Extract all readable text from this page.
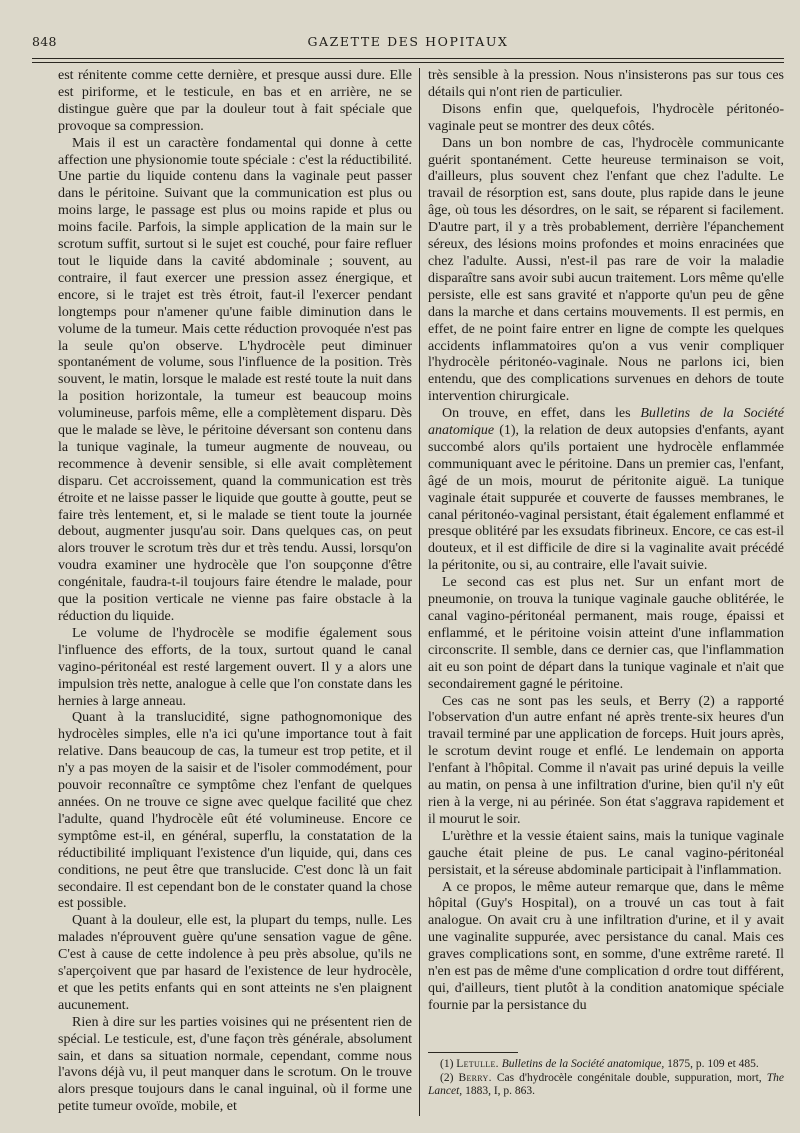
848	GAZETTE DES HOPITAUX

est rénitente comme cette dernière, et presque aussi dure. Elle est piriforme, et le testicule, en bas et en arrière, ne se distingue guère que par la douleur tout à fait spéciale que provoque sa compression.

Mais il est un caractère fondamental qui donne à cette affection une physionomie toute spéciale : c'est la réductibilité. Une partie du liquide contenu dans la vaginale peut passer dans le péritoine. Suivant que la communication est plus ou moins large, le passage est plus ou moins rapide et plus ou moins facile. Parfois, la simple application de la main sur le scrotum suffit, surtout si le sujet est couché, pour faire refluer tout le liquide dans la cavité abdominale ; souvent, au contraire, il faut exercer une pression assez énergique, et encore, si le trajet est très étroit, faut-il l'exercer pendant longtemps pour n'amener qu'une faible diminution dans le volume de la tumeur. Mais cette réduction provoquée n'est pas la seule qu'on observe. L'hydrocèle peut diminuer spontanément de volume, sous l'influence de la position. Très souvent, le matin, lorsque le malade est resté toute la nuit dans la position horizontale, la tumeur est beaucoup moins volumineuse, parfois même, elle a complètement disparu. Dès que le malade se lève, le péritoine déversant son contenu dans la tunique vaginale, la tumeur augmente de nouveau, ou recommence à devenir sensible, si elle avait complètement disparu. Cet accroissement, quand la communication est très étroite et ne laisse passer le liquide que goutte à goutte, peut se faire très lentement, et, si le malade se tient toute la journée debout, augmenter jusqu'au soir. Dans quelques cas, on peut alors trouver le scrotum très dur et très tendu. Aussi, lorsqu'on voudra examiner une hydrocèle que l'on soupçonne d'être congénitale, faudra-t-il toujours faire étendre le malade, pour que la position verticale ne vienne pas faire obstacle à la réduction du liquide.

Le volume de l'hydrocèle se modifie également sous l'influence des efforts, de la toux, surtout quand le canal vagino-péritonéal est resté largement ouvert. Il y a alors une impulsion très nette, analogue à celle que l'on constate dans les hernies à large anneau.

Quant à la translucidité, signe pathognomonique des hydrocèles simples, elle n'a ici qu'une importance tout à fait relative. Dans beaucoup de cas, la tumeur est trop petite, et il n'y a pas moyen de la saisir et de l'isoler commodément, pour pouvoir reconnaître ce symptôme chez l'enfant de quelques années. On ne trouve ce signe avec quelque facilité que chez l'adulte, quand l'hydrocèle eût été volumineuse. Encore ce symptôme est-il, en général, superflu, la constatation de la réductibilité impliquant l'existence d'un liquide, qui, dans ces conditions, ne peut être que translucide. C'est donc là un fait secondaire. Il est cependant bon de le constater quand la chose est possible.

Quant à la douleur, elle est, la plupart du temps, nulle. Les malades n'éprouvent guère qu'une sensation vague de gêne. C'est à cause de cette indolence à peu près absolue, qu'ils ne s'aperçoivent que par hasard de l'existence de leur hydrocèle, et que les petits enfants qui en sont atteints ne s'en plaignent aucunement.

Rien à dire sur les parties voisines qui ne présentent rien de spécial. Le testicule, est, d'une façon très générale, absolument sain, et dans sa situation normale, cependant, comme nous l'avons déjà vu, il peut manquer dans le scrotum. On le trouve alors presque toujours dans le canal inguinal, où il forme une petite tumeur ovoïde, mobile, et

très sensible à la pression. Nous n'insisterons pas sur tous ces détails qui n'ont rien de particulier.

Disons enfin que, quelquefois, l'hydrocèle péritonéo-vaginale peut se montrer des deux côtés.

Dans un bon nombre de cas, l'hydrocèle communicante guérit spontanément. Cette heureuse terminaison se voit, d'ailleurs, plus souvent chez l'enfant que chez l'adulte. Le travail de résorption est, sans doute, plus rapide dans le jeune âge, où tous les désordres, on le sait, se réparent si facilement. D'autre part, il y a très probablement, derrière l'épanchement séreux, des lésions moins profondes et moins enracinées que chez l'adulte. Aussi, n'est-il pas rare de voir la maladie disparaître sans avoir subi aucun traitement. Lors même qu'elle persiste, elle est sans gravité et n'apporte qu'un peu de gêne dans la marche et dans certains mouvements. Il est permis, en effet, de ne point faire entrer en ligne de compte les quelques accidents inflammatoires qu'on a vus venir compliquer l'hydrocèle péritonéo-vaginale. Nous ne parlons ici, bien entendu, que des complications survenues en dehors de toute intervention chirurgicale.

On trouve, en effet, dans les Bulletins de la Société anatomique (1), la relation de deux autopsies d'enfants, ayant succombé alors qu'ils portaient une hydrocèle enflammée communiquant avec le péritoine. Dans un premier cas, l'enfant, âgé de un mois, mourut de péritonite aiguë. La tunique vaginale était suppurée et couverte de fausses membranes, le canal péritonéo-vaginal persistant, était également enflammé et presque oblitéré par les exsudats fibrineux. Encore, ce cas est-il douteux, et il est difficile de dire si la vaginalite avait précédé la péritonite, ou si, au contraire, elle l'avait suivie.

Le second cas est plus net. Sur un enfant mort de pneumonie, on trouva la tunique vaginale gauche oblitérée, le canal vagino-péritonéal permanent, mais rouge, épaissi et enflammé, et le péritoine voisin atteint d'une inflammation circonscrite. Il semble, dans ce dernier cas, que l'inflammation ait eu son point de départ dans la tunique vaginale et n'ait que secondairement gagné le péritoine.

Ces cas ne sont pas les seuls, et Berry (2) a rapporté l'observation d'un autre enfant né après trente-six heures d'un travail terminé par une application de forceps. Huit jours après, le scrotum devint rouge et enflé. Le lendemain on apporta l'enfant à l'hôpital. Comme il n'avait pas uriné depuis la veille au matin, on pensa à une infiltration d'urine, bien qu'il n'y eût rien à la verge, ni au périnée. Son état s'aggrava rapidement et il mourut le soir.

L'urèthre et la vessie étaient sains, mais la tunique vaginale gauche était pleine de pus. Le canal vagino-péritonéal persistait, et la séreuse abdominale participait à l'inflammation.

A ce propos, le même auteur remarque que, dans le même hôpital (Guy's Hospital), on a trouvé un cas tout à fait analogue. On avait cru à une infiltration d'urine, et il y avait une vaginalite suppurée, avec persistance du canal. Mais ces graves complications sont, en somme, d'une extrême rareté. Il n'en est pas de même d'une complication d ordre tout différent, qui, d'ailleurs, tient plutôt à la condition anatomique spéciale fournie par la persistance du

(1) Letulle. Bulletins de la Société anatomique, 1875, p. 109 et 485.

(2) Berry. Cas d'hydrocèle congénitale double, suppuration, mort, The Lancet, 1883, I, p. 863.
